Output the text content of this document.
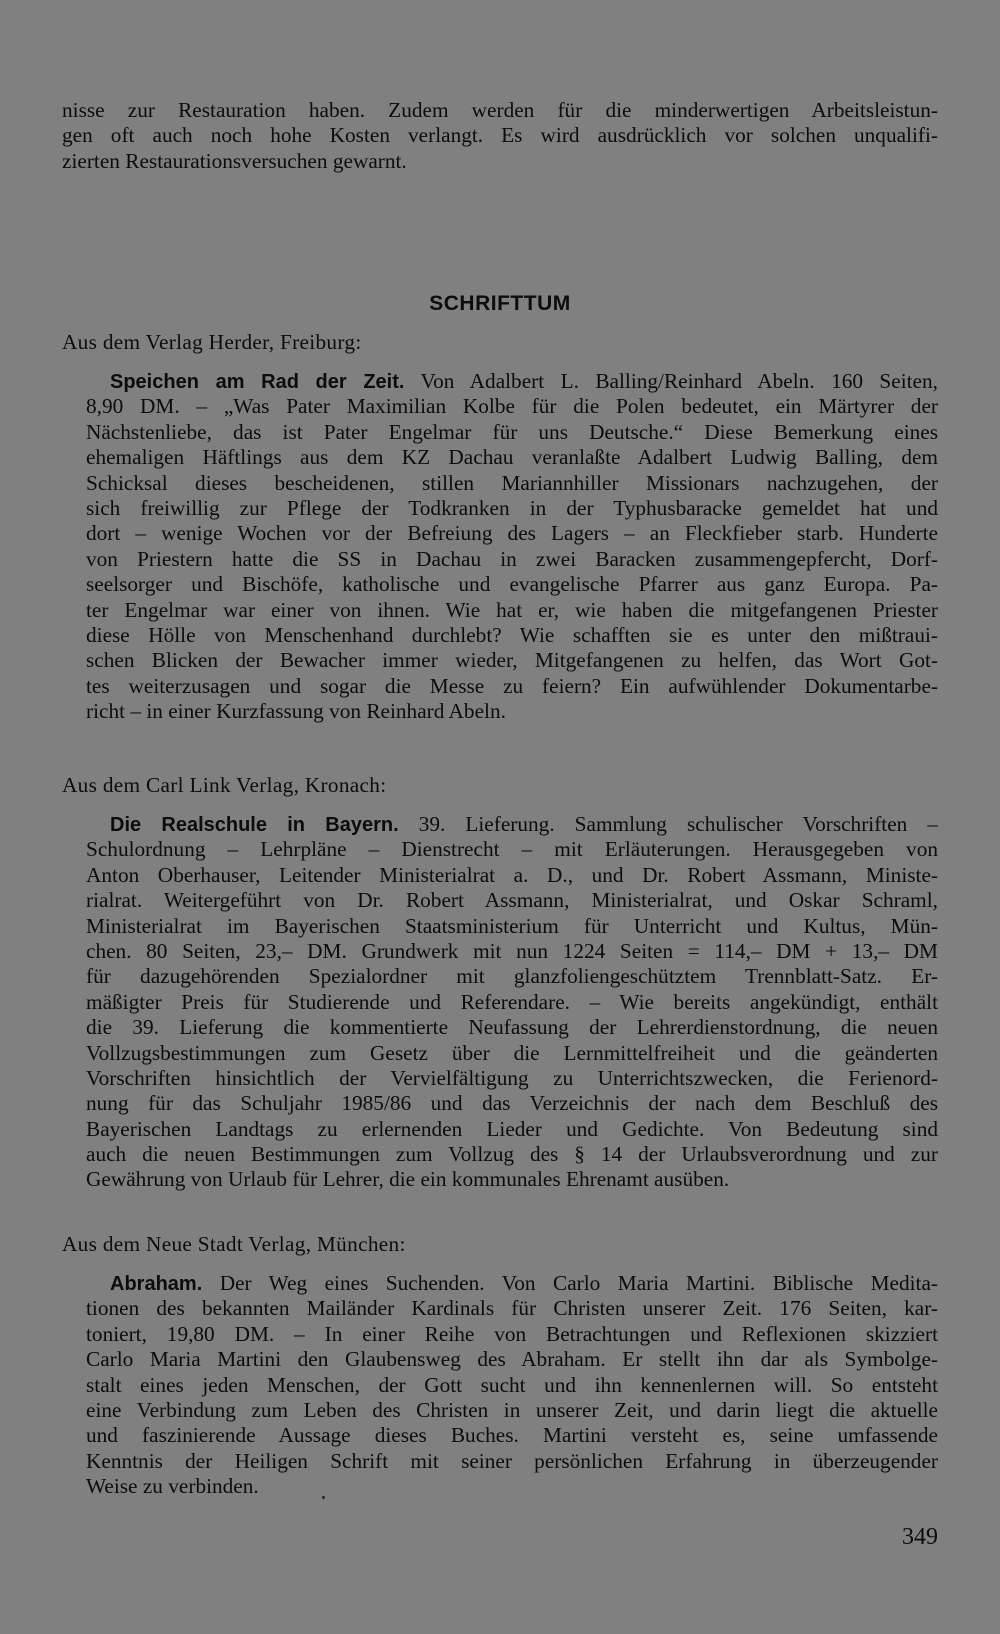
nisse zur Restauration haben. Zudem werden für die minderwertigen Arbeitsleistun-
gen oft auch noch hohe Kosten verlangt. Es wird ausdrücklich vor solchen unqualifi-
zierten Restaurationsversuchen gewarnt.
SCHRIFTTUM
Aus dem Verlag Herder, Freiburg:
Speichen am Rad der Zeit. Von Adalbert L. Balling/Reinhard Abeln. 160 Seiten,
8,90 DM. – „Was Pater Maximilian Kolbe für die Polen bedeutet, ein Märtyrer der
Nächstenliebe, das ist Pater Engelmar für uns Deutsche.“ Diese Bemerkung eines
ehemaligen Häftlings aus dem KZ Dachau veranlaßte Adalbert Ludwig Balling, dem
Schicksal dieses bescheidenen, stillen Mariannhiller Missionars nachzugehen, der
sich freiwillig zur Pflege der Todkranken in der Typhusbaracke gemeldet hat und
dort – wenige Wochen vor der Befreiung des Lagers – an Fleckfieber starb. Hunderte
von Priestern hatte die SS in Dachau in zwei Baracken zusammengepfercht, Dorf-
seelsorger und Bischöfe, katholische und evangelische Pfarrer aus ganz Europa. Pa-
ter Engelmar war einer von ihnen. Wie hat er, wie haben die mitgefangenen Priester
diese Hölle von Menschenhand durchlebt? Wie schafften sie es unter den mißtraui-
schen Blicken der Bewacher immer wieder, Mitgefangenen zu helfen, das Wort Got-
tes weiterzusagen und sogar die Messe zu feiern? Ein aufwühlender Dokumentarbe-
richt – in einer Kurzfassung von Reinhard Abeln.
Aus dem Carl Link Verlag, Kronach:
Die Realschule in Bayern. 39. Lieferung. Sammlung schulischer Vorschriften –
Schulordnung – Lehrpläne – Dienstrecht – mit Erläuterungen. Herausgegeben von
Anton Oberhauser, Leitender Ministerialrat a. D., und Dr. Robert Assmann, Ministe-
rialrat. Weitergeführt von Dr. Robert Assmann, Ministerialrat, und Oskar Schraml,
Ministerialrat im Bayerischen Staatsministerium für Unterricht und Kultus, Mün-
chen. 80 Seiten, 23,– DM. Grundwerk mit nun 1224 Seiten = 114,– DM + 13,– DM
für dazugehörenden Spezialordner mit glanzfoliengeschütztem Trennblatt-Satz. Er-
mäßigter Preis für Studierende und Referendare. – Wie bereits angekündigt, enthält
die 39. Lieferung die kommentierte Neufassung der Lehrerdienstordnung, die neuen
Vollzugsbestimmungen zum Gesetz über die Lernmittelfreiheit und die geänderten
Vorschriften hinsichtlich der Vervielfältigung zu Unterrichtszwecken, die Ferienord-
nung für das Schuljahr 1985/86 und das Verzeichnis der nach dem Beschluß des
Bayerischen Landtags zu erlernenden Lieder und Gedichte. Von Bedeutung sind
auch die neuen Bestimmungen zum Vollzug des § 14 der Urlaubsverordnung und zur
Gewährung von Urlaub für Lehrer, die ein kommunales Ehrenamt ausüben.
Aus dem Neue Stadt Verlag, München:
Abraham. Der Weg eines Suchenden. Von Carlo Maria Martini. Biblische Medita-
tionen des bekannten Mailänder Kardinals für Christen unserer Zeit. 176 Seiten, kar-
toniert, 19,80 DM. – In einer Reihe von Betrachtungen und Reflexionen skizziert
Carlo Maria Martini den Glaubensweg des Abraham. Er stellt ihn dar als Symbolge-
stalt eines jeden Menschen, der Gott sucht und ihn kennenlernen will. So entsteht
eine Verbindung zum Leben des Christen in unserer Zeit, und darin liegt die aktuelle
und faszinierende Aussage dieses Buches. Martini versteht es, seine umfassende
Kenntnis der Heiligen Schrift mit seiner persönlichen Erfahrung in überzeugender
Weise zu verbinden.
349
